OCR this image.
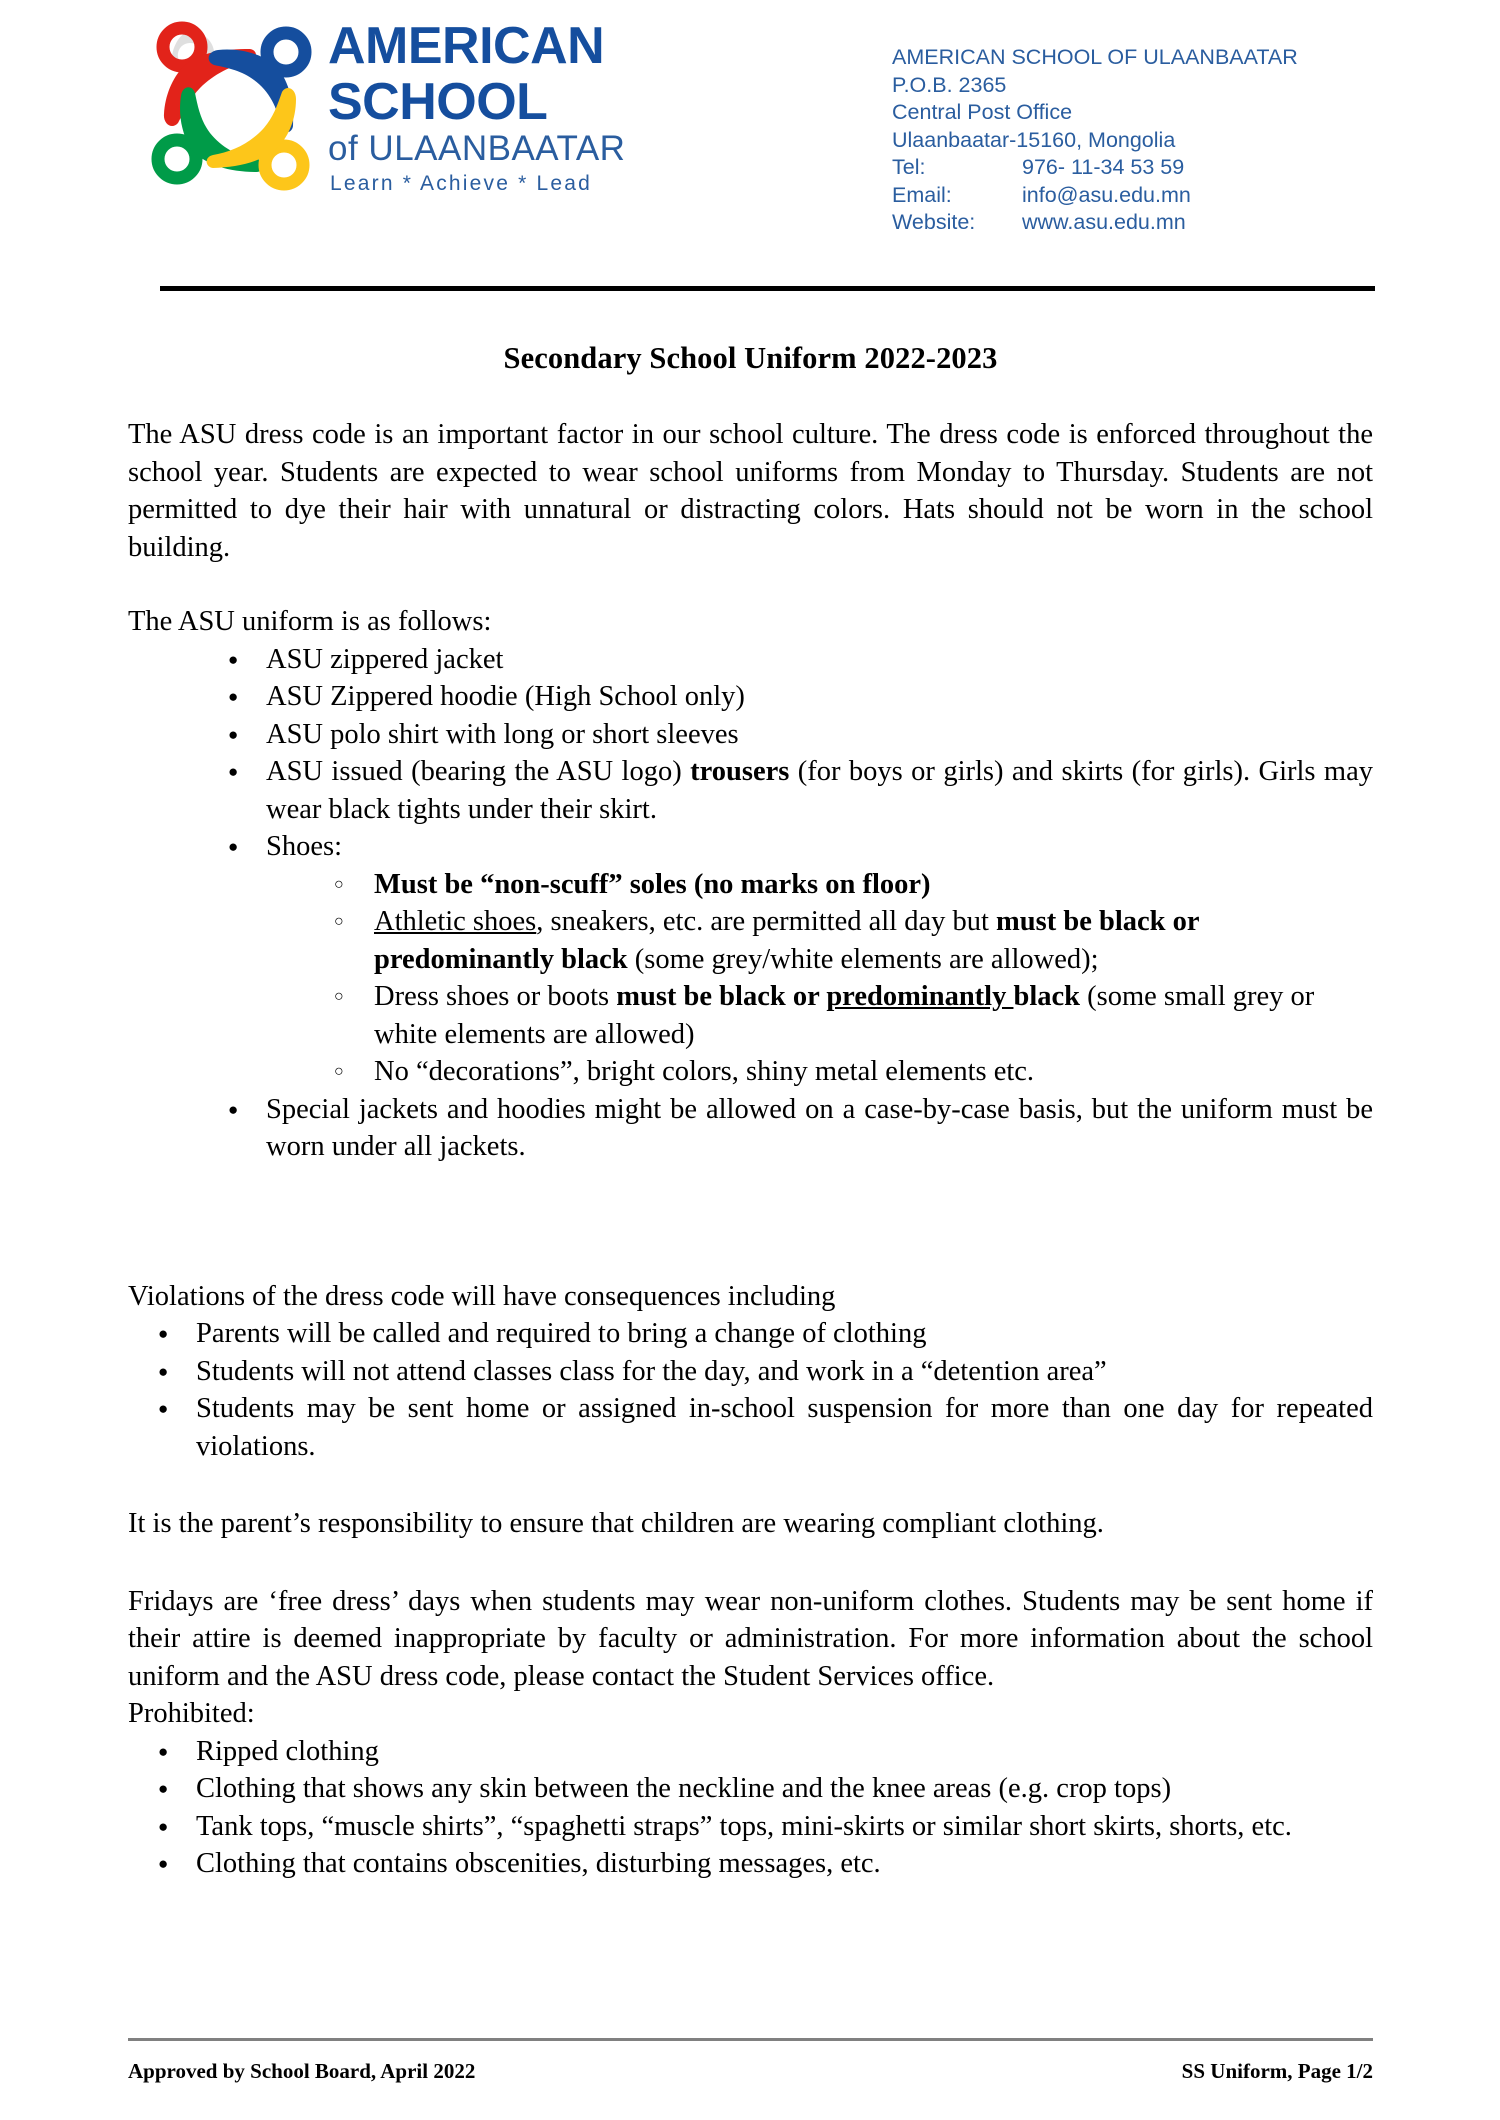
AMERICAN
SCHOOL
of ULAANBAATAR
Learn * Achieve * Lead
AMERICAN SCHOOL OF ULAANBAATAR
P.O.B. 2365
Central Post Office
Ulaanbaatar-15160, Mongolia
Tel:	976- 11-34 53 59
Email:	info@asu.edu.mn
Website: www.asu.edu.mn
Secondary School Uniform 2022-2023

The ASU dress code is an important factor in our school culture. The dress code is enforced throughout the school year. Students are expected to wear school uniforms from Monday to Thursday. Students are not permitted to dye their hair with unnatural or distracting colors. Hats should not be worn in the school building.

The ASU uniform is as follows:

● ASU zippered jacket
● ASU Zippered hoodie (High School only)
● ASU polo shirt with long or short sleeves
● ASU issued (bearing the ASU logo) trousers (for boys or girls) and skirts (for girls). Girls may wear black tights under their skirt.
● Shoes:
○ Must be “non-scuff” soles (no marks on floor)
○ Athletic shoes, sneakers, etc. are permitted all day but must be black or predominantly black (some grey/white elements are allowed);
○ Dress shoes or boots must be black or predominantly black (some small grey or white elements are allowed)
○ No “decorations”, bright colors, shiny metal elements etc.
● Special jackets and hoodies might be allowed on a case-by-case basis, but the uniform must be worn under all jackets.

Violations of the dress code will have consequences including

● Parents will be called and required to bring a change of clothing
● Students will not attend classes class for the day, and work in a “detention area”
● Students may be sent home or assigned in-school suspension for more than one day for repeated violations.

It is the parent’s responsibility to ensure that children are wearing compliant clothing.

Fridays are ‘free dress’ days when students may wear non-uniform clothes. Students may be sent home if their attire is deemed inappropriate by faculty or administration. For more information about the school uniform and the ASU dress code, please contact the Student Services office.

Prohibited:

● Ripped clothing
● Clothing that shows any skin between the neckline and the knee areas (e.g. crop tops)
● Tank tops, “muscle shirts”, “spaghetti straps” tops, mini-skirts or similar short skirts, shorts, etc.
● Clothing that contains obscenities, disturbing messages, etc.
Approved by School Board, April 2022	SS Uniform, Page 1/2
